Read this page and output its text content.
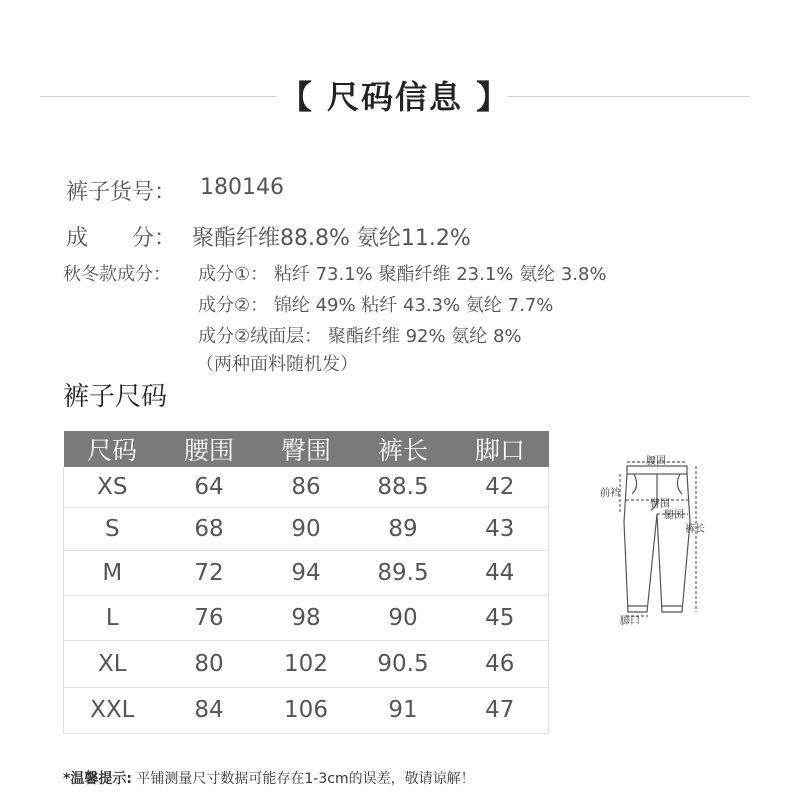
【 尺码信息 】
裤子货号： 180146
成　　分： 聚酯纤维88.8% 氨纶11.2%
秋冬款成分： 成分①： 粘纤 73.1% 聚酯纤维 23.1% 氨纶 3.8%
成分②： 锦纶 49% 粘纤 43.3% 氨纶 7.7%
成分②绒面层： 聚酯纤维 92% 氨纶 8%
（两种面料随机发）
裤子尺码
尺码	腰围	臀围	裤长	脚口
XS	64	86	88.5	42
S	68	90	89	43
M	72	94	89.5	44
L	76	98	90	45
XL	80	102	90.5	46
XXL	84	106	91	47
腰围
前裆
臀围
腿围
裤长
脚口
*温馨提示: 平铺测量尺寸数据可能存在1-3cm的误差，敬请谅解！
